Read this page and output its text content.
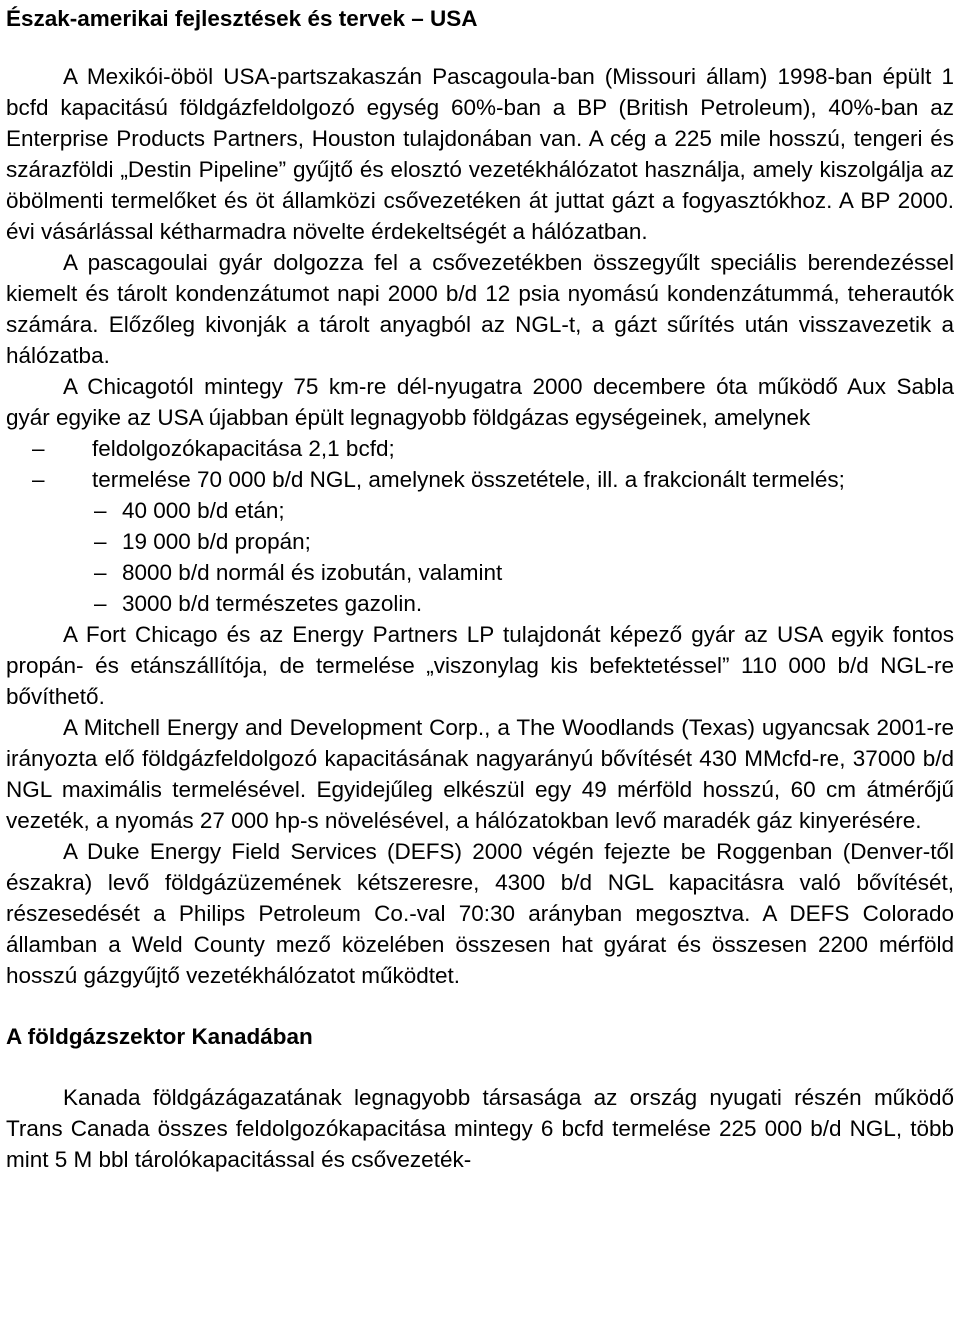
Észak-amerikai fejlesztések és tervek – USA

A Mexikói-öböl USA-partszakaszán Pascagoula-ban (Missouri állam) 1998-ban épült 1 bcfd kapacitású földgázfeldolgozó egység 60%-ban a BP (British Petroleum), 40%-ban az Enterprise Products Partners, Houston tulajdonában van. A cég a 225 mile hosszú, tengeri és szárazföldi „Destin Pipeline” gyűjtő és elosztó vezetékhálózatot használja, amely kiszolgálja az öbölmenti termelőket és öt államközi csővezetéken át juttat gázt a fogyasztókhoz. A BP 2000. évi vásárlással kétharmadra növelte érdekeltségét a hálózatban.

A pascagoulai gyár dolgozza fel a csővezetékben összegyűlt speciális berendezéssel kiemelt és tárolt kondenzátumot napi 2000 b/d 12 psia nyomású kondenzátummá, teherautók számára. Előzőleg kivonják a tárolt anyagból az NGL-t, a gázt sűrítés után visszavezetik a hálózatba.

A Chicagotól mintegy 75 km-re dél-nyugatra 2000 decembere óta működő Aux Sabla gyár egyike az USA újabban épült legnagyobb földgázas egységeinek, amelynek

–	feldolgozókapacitása 2,1 bcfd;
–	termelése 70 000 b/d NGL, amelynek összetétele, ill. a frakcionált termelés;
– 40 000 b/d etán;
– 19 000 b/d propán;
– 8000 b/d normál és izobután, valamint
– 3000 b/d természetes gazolin.

A Fort Chicago és az Energy Partners LP tulajdonát képező gyár az USA egyik fontos propán- és etánszállítója, de termelése „viszonylag kis befektetéssel” 110 000 b/d NGL-re bővíthető.

A Mitchell Energy and Development Corp., a The Woodlands (Texas) ugyancsak 2001-re irányozta elő földgázfeldolgozó kapacitásának nagyarányú bővítését 430 MMcfd-re, 37000 b/d NGL maximális termelésével. Egyidejűleg elkészül egy 49 mérföld hosszú, 60 cm átmérőjű vezeték, a nyomás 27 000 hp-s növelésével, a hálózatokban levő maradék gáz kinyerésére.

A Duke Energy Field Services (DEFS) 2000 végén fejezte be Roggenban (Denver-től északra) levő földgázüzemének kétszeresre, 4300 b/d NGL kapacitásra való bővítését, részesedését a Philips Petroleum Co.-val 70:30 arányban megosztva. A DEFS Colorado államban a Weld County mező közelében összesen hat gyárat és összesen 2200 mérföld hosszú gázgyűjtő vezetékhálózatot működtet.

A földgázszektor Kanadában

Kanada földgázágazatának legnagyobb társasága az ország nyugati részén működő Trans Canada összes feldolgozókapacitása mintegy 6 bcfd termelése 225 000 b/d NGL, több mint 5 M bbl tárolókapacitással és csővezeték-
